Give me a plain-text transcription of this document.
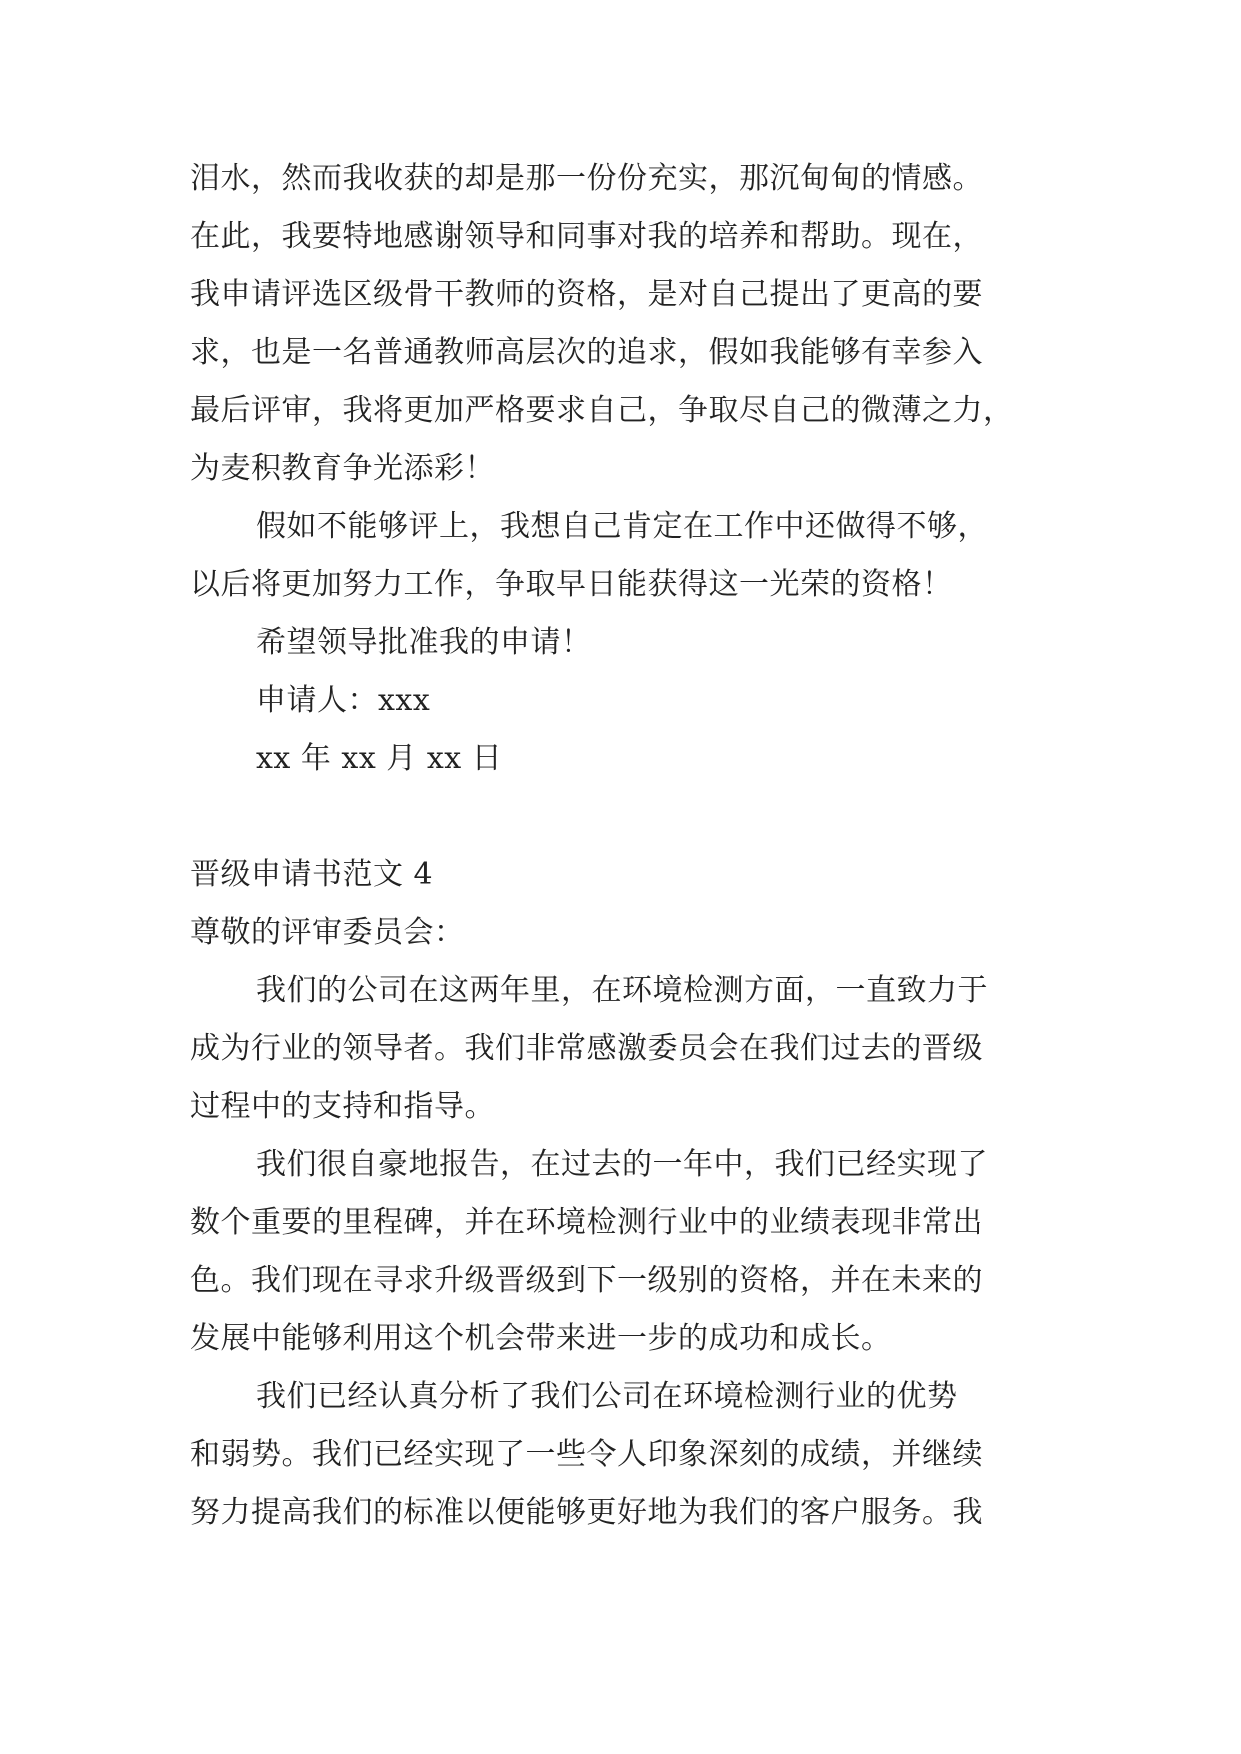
泪水，然而我收获的却是那一份份充实，那沉甸甸的情感。
在此，我要特地感谢领导和同事对我的培养和帮助。现在，
我申请评选区级骨干教师的资格，是对自己提出了更高的要
求，也是一名普通教师高层次的追求，假如我能够有幸参入
最后评审，我将更加严格要求自己，争取尽自己的微薄之力，
为麦积教育争光添彩！
假如不能够评上，我想自己肯定在工作中还做得不够，
以后将更加努力工作，争取早日能获得这一光荣的资格！
希望领导批准我的申请！
申请人：xxx
xx 年 xx 月 xx 日
晋级申请书范文 4
尊敬的评审委员会：
我们的公司在这两年里，在环境检测方面，一直致力于
成为行业的领导者。我们非常感激委员会在我们过去的晋级
过程中的支持和指导。
我们很自豪地报告，在过去的一年中，我们已经实现了
数个重要的里程碑，并在环境检测行业中的业绩表现非常出
色。我们现在寻求升级晋级到下一级别的资格，并在未来的
发展中能够利用这个机会带来进一步的成功和成长。
我们已经认真分析了我们公司在环境检测行业的优势
和弱势。我们已经实现了一些令人印象深刻的成绩，并继续
努力提高我们的标准以便能够更好地为我们的客户服务。我
